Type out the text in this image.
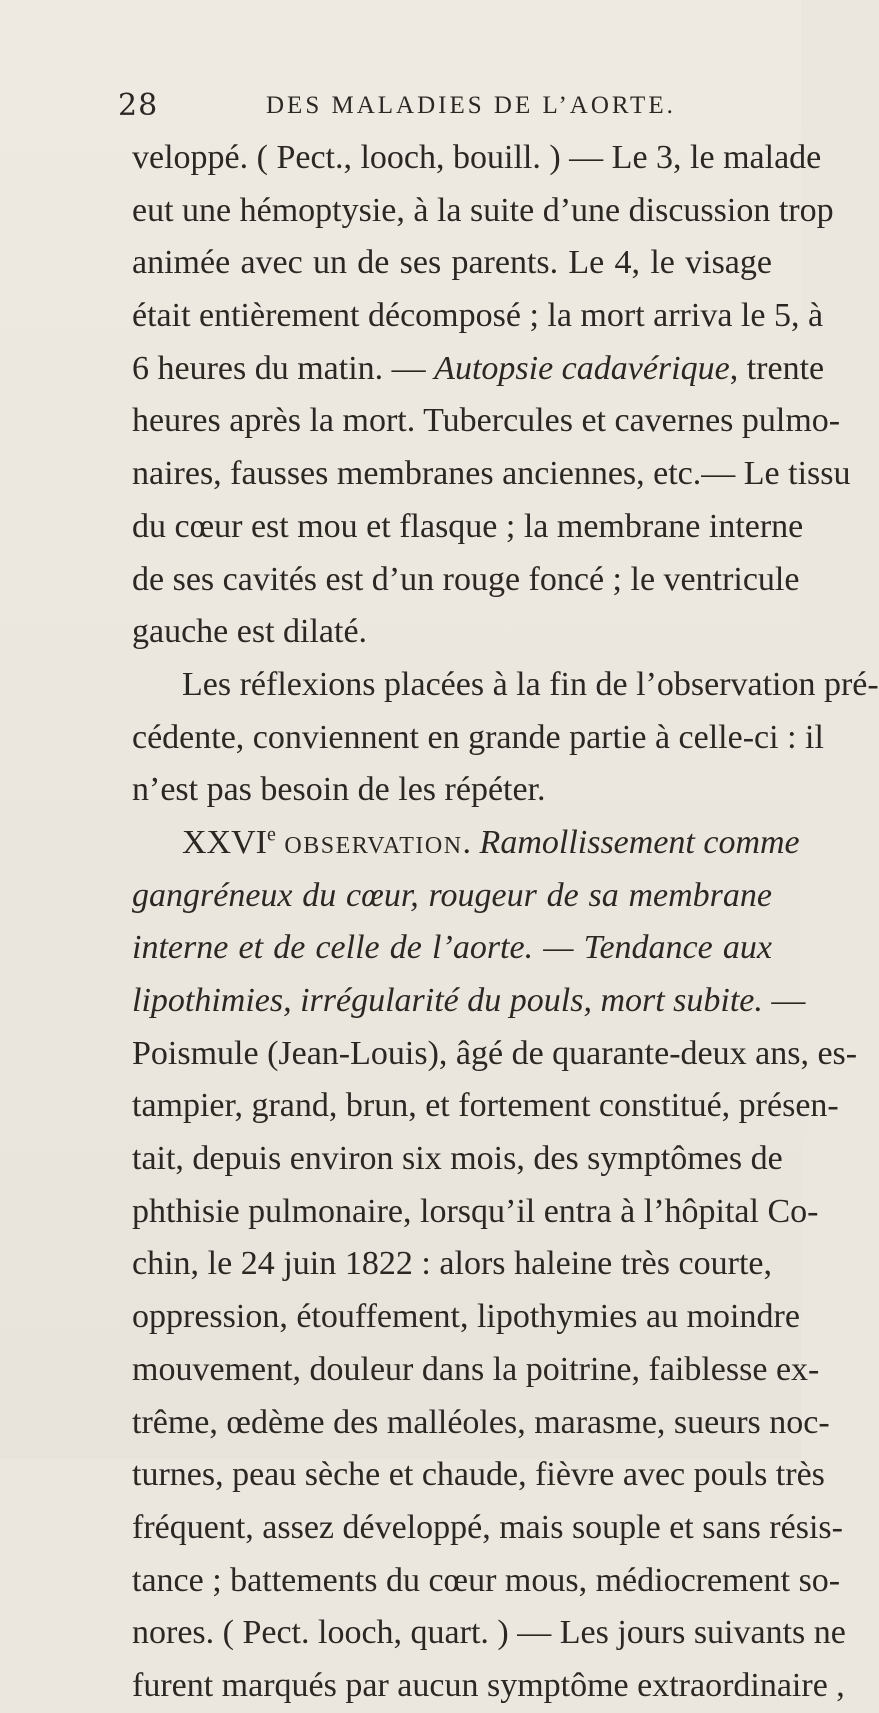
28	DES MALADIES DE L’AORTE.
veloppé. ( Pect., looch, bouill. ) — Le 3, le malade
eut une hémoptysie, à la suite d’une discussion trop
animée avec un de ses parents. Le 4, le visage
était entièrement décomposé ; la mort arriva le 5, à
6 heures du matin. — Autopsie cadavérique, trente
heures après la mort. Tubercules et cavernes pulmo-
naires, fausses membranes anciennes, etc.— Le tissu
du cœur est mou et flasque ; la membrane interne
de ses cavités est d’un rouge foncé ; le ventricule
gauche est dilaté.
Les réflexions placées à la fin de l’observation pré-
cédente, conviennent en grande partie à celle-ci : il
n’est pas besoin de les répéter.
XXVIe observation. Ramollissement comme
gangréneux du cœur, rougeur de sa membrane
interne et de celle de l’aorte. — Tendance aux
lipothimies, irrégularité du pouls, mort subite. —
Poismule (Jean-Louis), âgé de quarante-deux ans, es-
tampier, grand, brun, et fortement constitué, présen-
tait, depuis environ six mois, des symptômes de
phthisie pulmonaire, lorsqu’il entra à l’hôpital Co-
chin, le 24 juin 1822 : alors haleine très courte,
oppression, étouffement, lipothymies au moindre
mouvement, douleur dans la poitrine, faiblesse ex-
trême, œdème des malléoles, marasme, sueurs noc-
turnes, peau sèche et chaude, fièvre avec pouls très
fréquent, assez développé, mais souple et sans résis-
tance ; battements du cœur mous, médiocrement so-
nores. ( Pect. looch, quart. ) — Les jours suivants ne
furent marqués par aucun symptôme extraordinaire ,
